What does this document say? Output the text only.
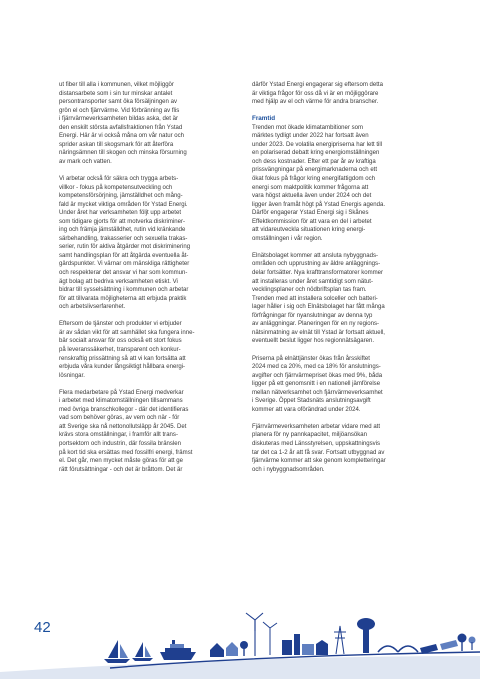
ut fiber till alla i kommunen, vilket möjliggör
distansarbete som i sin tur minskar antalet
persontransporter samt öka försäljningen av
grön el och fjärrvärme. Vid förbränning av flis
i fjärrvärmeverksamheten bildas aska, det är
den enskilt största avfallsfraktionen från Ystad
Energi. Här är vi också måna om vår natur och
sprider askan till skogsmark för att återföra
näringsämnen till skogen och minska försurning
av mark och vatten.

Vi arbetar också för säkra och trygga arbets-
villkor - fokus på kompetensutveckling och
kompetensförsörjning, jämställdhet och mång-
fald är mycket viktiga områden för Ystad Energi.
Under året har verksamheten följt upp arbetet
som tidigare gjorts för att motverka diskriminer-
ing och främja jämställdhet, rutin vid kränkande
särbehandling, trakasserier och sexuella trakas-
serier, rutin för aktiva åtgärder mot diskriminering
samt handlingsplan för att åtgärda eventuella åt-
gärdspunkter. Vi värnar om mänskliga rättigheter
och respekterar det ansvar vi har som kommun-
ägt bolag att bedriva verksamheten etiskt. Vi
bidrar till sysselsättning i kommunen och arbetar
för att tillvarata möjligheterna att erbjuda praktik
och arbetslivserfarenhet.

Eftersom de tjänster och produkter vi erbjuder
är av sådan vikt för att samhället ska fungera inne-
bär socialt ansvar för oss också ett stort fokus
på leveranssäkerhet, transparent och konkur-
renskraftig prissättning så att vi kan fortsätta att
erbjuda våra kunder långsiktigt hållbara energi-
lösningar.

Flera medarbetare på Ystad Energi medverkar
i arbetet med klimatomställningen tillsammans
med övriga branschkollegor - där det identifieras
vad som behöver göras, av vem och när - för
att Sverige ska nå nettonollutsläpp år 2045. Det
krävs stora omställningar, i framför allt trans-
portsektorn och industrin, där fossila bränslen
på kort tid ska ersättas med fossilfri energi, främst
el. Det går, men mycket måste göras för att ge
rätt förutsättningar - och det är bråttom. Det är

därför Ystad Energi engagerar sig eftersom detta
är viktiga frågor för oss då vi är en möjliggörare
med hjälp av el och värme för andra branscher.

Framtid

Trenden mot ökade klimatambitioner som
märktes tydligt under 2022 har fortsatt även
under 2023. De volatila energipriserna har lett till
en polariserad debatt kring energiomställningen
och dess kostnader. Efter ett par år av kraftiga
prissvängningar på energimarknaderna och ett
ökat fokus på frågor kring energifattigdom och
energi som maktpolitik kommer frågorna att
vara högst aktuella även under 2024 och det
ligger även framåt högt på Ystad Energis agenda.
Därför engagerar Ystad Energi sig i Skånes
Effektkommission för att vara en del i arbetet
att vidareutveckla situationen kring energi-
omställningen i vår region.

Elnätsbolaget kommer att ansluta nybyggnads-
områden och upprustning av äldre anläggnings-
delar fortsätter. Nya krafttransformatorer kommer
att installeras under året samtidigt som nätut-
vecklingsplaner och nödbriftsplan tas fram.
Trenden med att installera solceller och batteri-
lager håller i sig och Elnätsbolaget har fått många
förfrågningar för nyanslutningar av denna typ
av anläggningar. Planeringen för en ny regions-
nätsinmatning av elnät till Ystad är fortsatt aktuell,
eventuellt beslut ligger hos regionnätsägaren.

Priserna på elnättjänster ökas från årsskiftet
2024 med ca 20%, med ca 18% för anslutnings-
avgifter och fjärrvärmepriset ökas med 9%, båda
ligger på ett genomsnitt i en nationell jämförelse
mellan nätverksamhet och fjärrvärmeverksamhet
i Sverige. Öppet Stadsnäts anslutningsavgift
kommer att vara oförändrad under 2024.

Fjärrvärmeverksamheten arbetar vidare med att
planera för ny pannkapacitet, miljöansökan
diskuteras med Länsstyrelsen, uppskattningsvis
tar det ca 1-2 år att få svar. Fortsatt utbyggnad av
fjärrvärme kommer att ske genom kompletteringar
och i nybyggnadsområden.

42
